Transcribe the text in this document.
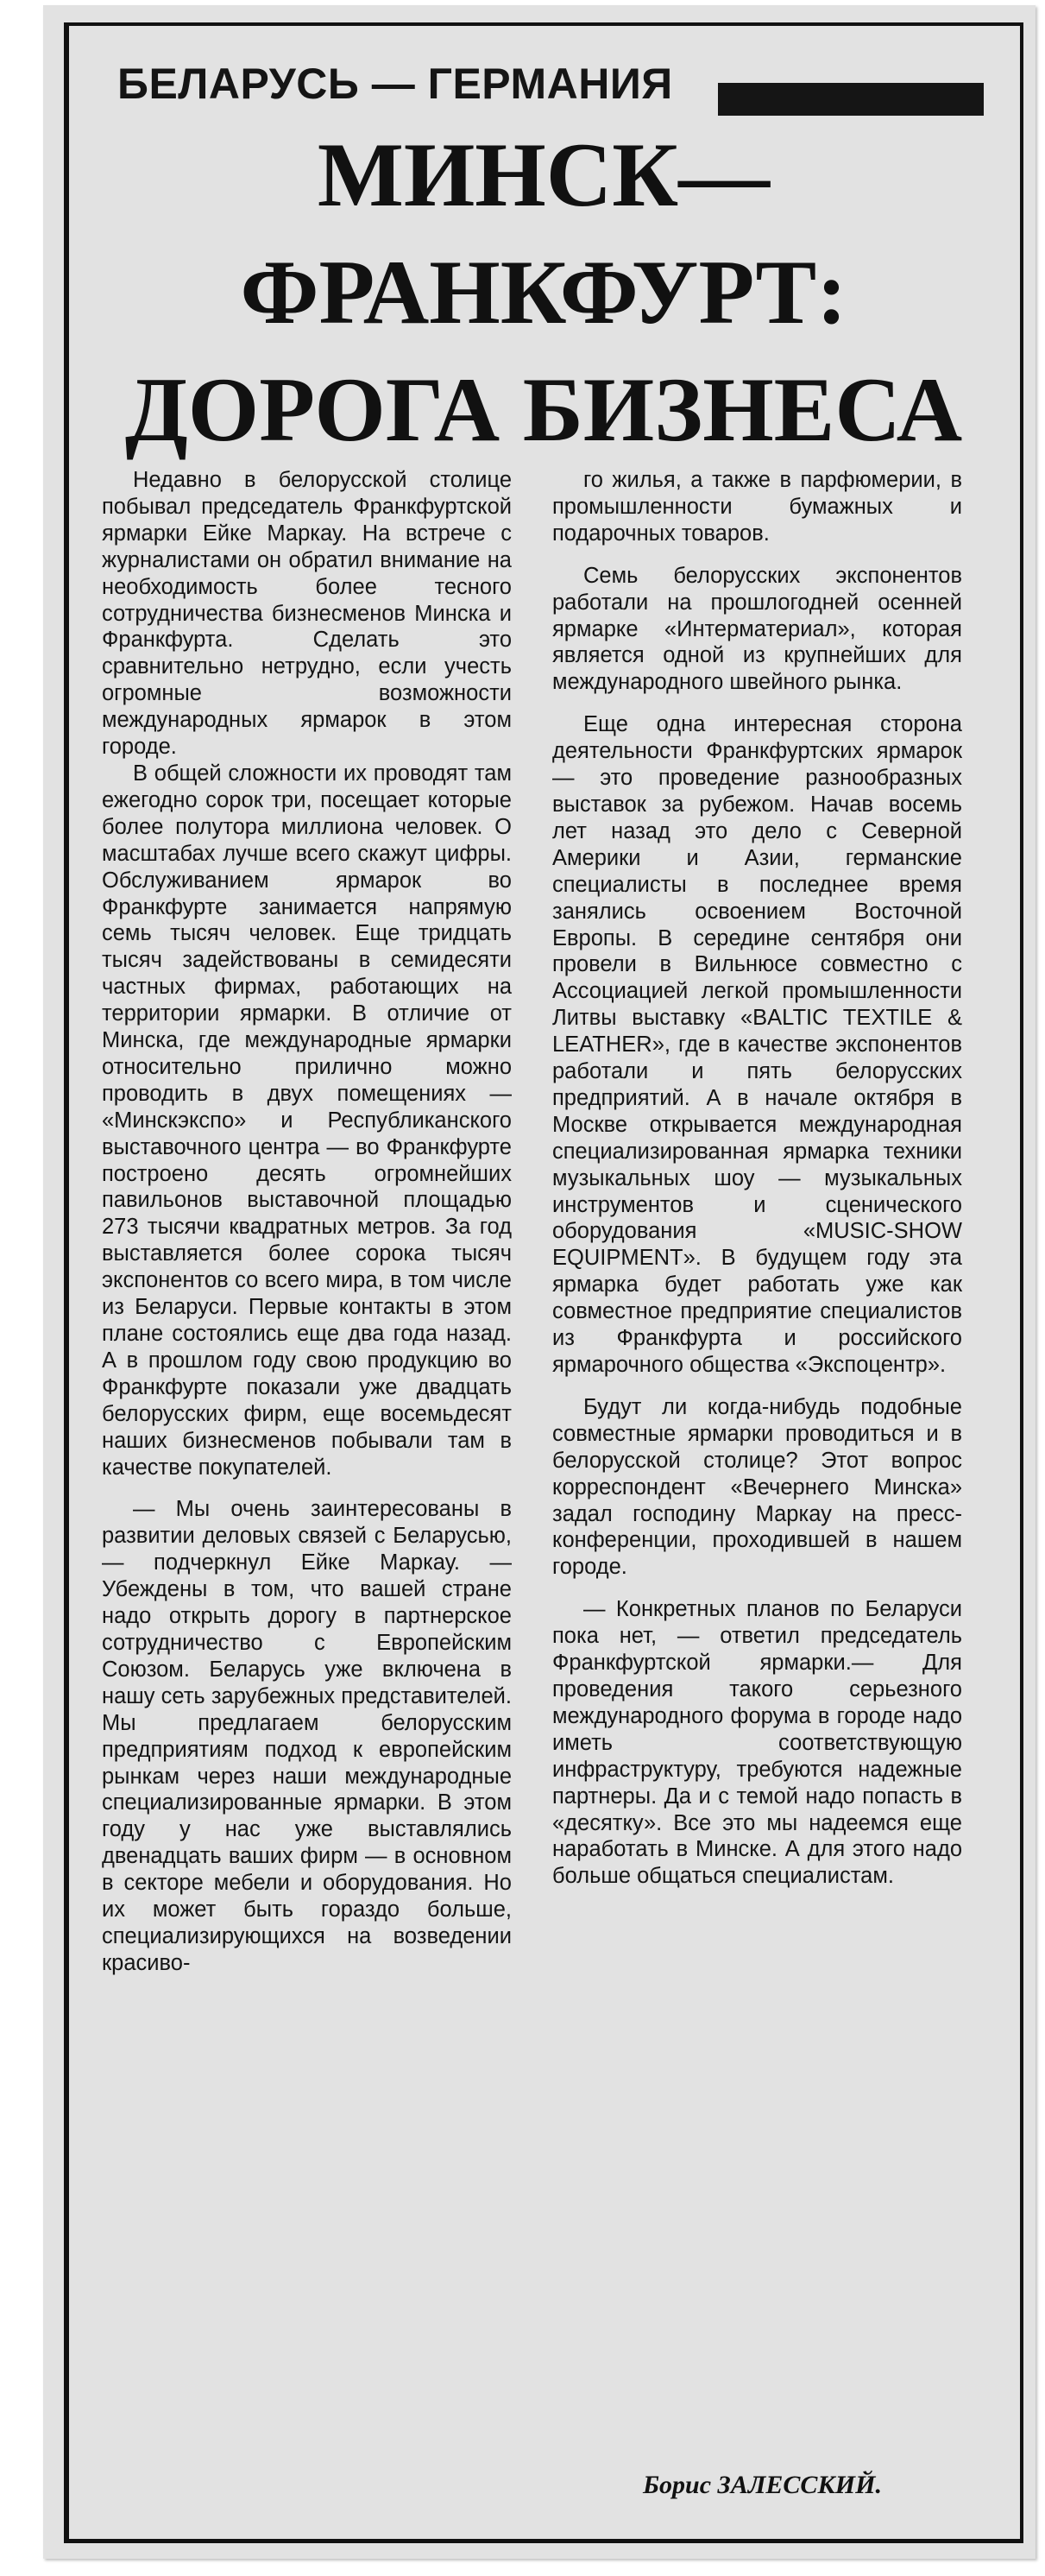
БЕЛАРУСЬ — ГЕРМАНИЯ
МИНСК—
ФРАНКФУРТ:
ДОРОГА БИЗНЕСА

Недавно в белорусской столице побывал председатель Франкфуртской ярмарки Ейке Маркау. На встрече с журналистами он обратил внимание на необходимость более тесного сотрудничества бизнесменов Минска и Франкфурта. Сделать это сравнительно нетрудно, если учесть огромные возможности международных ярмарок в этом городе.

В общей сложности их проводят там ежегодно сорок три, посещает которые более полутора миллиона человек. О масштабах лучше всего скажут цифры. Обслуживанием ярмарок во Франкфурте занимается напрямую семь тысяч человек. Еще тридцать тысяч задействованы в семидесяти частных фирмах, работающих на территории ярмарки. В отличие от Минска, где международные ярмарки относительно прилично можно проводить в двух помещениях — «Минскэкспо» и Республиканского выставочного центра — во Франкфурте построено десять огромнейших павильонов выставочной площадью 273 тысячи квадратных метров. За год выставляется более сорока тысяч экспонентов со всего мира, в том числе из Беларуси. Первые контакты в этом плане состоялись еще два года назад. А в прошлом году свою продукцию во Франкфурте показали уже двадцать белорусских фирм, еще восемьдесят наших бизнесменов побывали там в качестве покупателей.

— Мы очень заинтересованы в развитии деловых связей с Беларусью,— подчеркнул Ейке Маркау. — Убеждены в том, что вашей стране надо открыть дорогу в партнерское сотрудничество с Европейским Союзом. Беларусь уже включена в нашу сеть зарубежных представителей. Мы предлагаем белорусским предприятиям подход к европейским рынкам через наши международные специализированные ярмарки. В этом году у нас уже выставлялись двенадцать ваших фирм — в основном в секторе мебели и оборудования. Но их может быть гораздо больше, специализирующихся на возведении красиво-

го жилья, а также в парфюмерии, в промышленности бумажных и подарочных товаров.

Семь белорусских экспонентов работали на прошлогодней осенней ярмарке «Интерматериал», которая является одной из крупнейших для международного швейного рынка.

Еще одна интересная сторона деятельности Франкфуртских ярмарок — это проведение разнообразных выставок за рубежом. Начав восемь лет назад это дело с Северной Америки и Азии, германские специалисты в последнее время занялись освоением Восточной Европы. В середине сентября они провели в Вильнюсе совместно с Ассоциацией легкой промышленности Литвы выставку «BALTIC TEXTILE & LEATHER», где в качестве экспонентов работали и пять белорусских предприятий. А в начале октября в Москве открывается международная специализированная ярмарка техники музыкальных шоу — музыкальных инструментов и сценического оборудования «MUSIC-SHOW EQUIPMENT». В будущем году эта ярмарка будет работать уже как совместное предприятие специалистов из Франкфурта и российского ярмарочного общества «Экспоцентр».

Будут ли когда-нибудь подобные совместные ярмарки проводиться и в белорусской столице? Этот вопрос корреспондент «Вечернего Минска» задал господину Маркау на пресс-конференции, проходившей в нашем городе.

— Конкретных планов по Беларуси пока нет, — ответил председатель Франкфуртской ярмарки.— Для проведения такого серьезного международного форума в городе надо иметь соответствующую инфраструктуру, требуются надежные партнеры. Да и с темой надо попасть в «десятку». Все это мы надеемся еще наработать в Минске. А для этого надо больше общаться специалистам.

Борис ЗАЛЕССКИЙ.
